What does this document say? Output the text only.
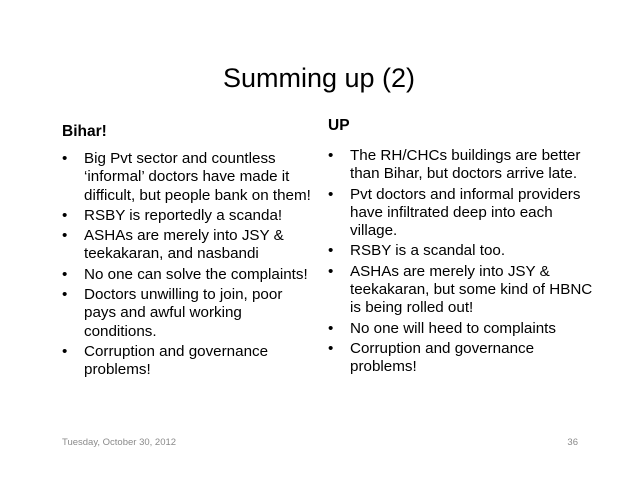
Summing up (2)
Bihar!
•	Big Pvt sector and countless ‘informal’ doctors have made it difficult, but people bank on them!
•	RSBY is reportedly a scanda!
•	ASHAs are merely into JSY & teekakaran, and nasbandi
•	No one can solve the complaints!
•	Doctors unwilling to join, poor pays and awful working conditions.
•	Corruption and governance problems!
UP
•	The RH/CHCs buildings are better than Bihar, but doctors arrive late.
•	Pvt doctors and informal providers have infiltrated deep into each village.
•	RSBY is a scandal too.
•	ASHAs are merely into JSY & teekakaran, but some kind of HBNC is being rolled out!
•	No one will heed to complaints
•	Corruption and governance problems!
Tuesday, October 30, 2012	36
